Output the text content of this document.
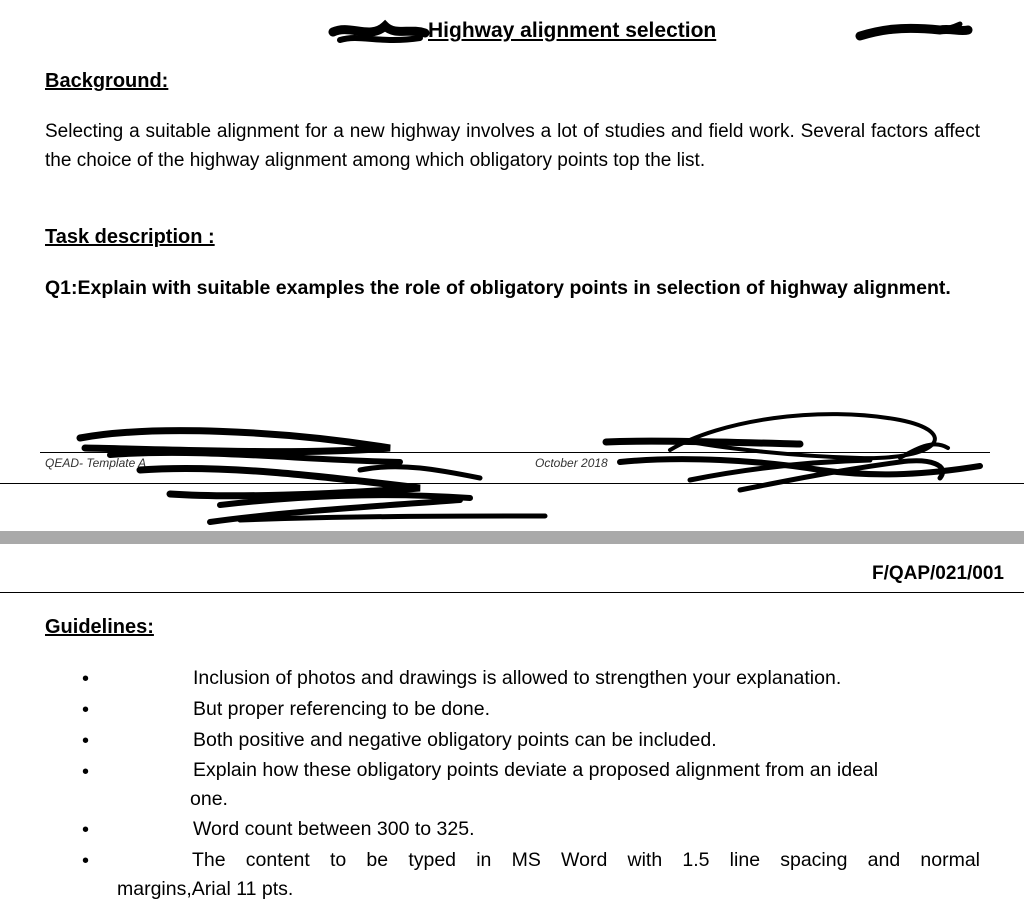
Highway alignment selection
Background:
Selecting a suitable alignment for a new highway involves a lot of studies and field work. Several factors affect the choice of the highway alignment among which obligatory points top the list.
Task description :
Q1:Explain with suitable examples the role of obligatory points in selection of highway alignment.
QEAD- Template A	October 2018
F/QAP/021/001
Guidelines:
•	Inclusion of photos and drawings is allowed to strengthen your explanation.
•	But proper referencing to be done.
•	Both positive and negative obligatory points can be included.
•	Explain how these obligatory points deviate a proposed alignment from an ideal
one.
•	Word count between 300 to 325.
•	The content to be typed in MS Word with 1.5 line spacing and normal
margins,Arial 11 pts.
